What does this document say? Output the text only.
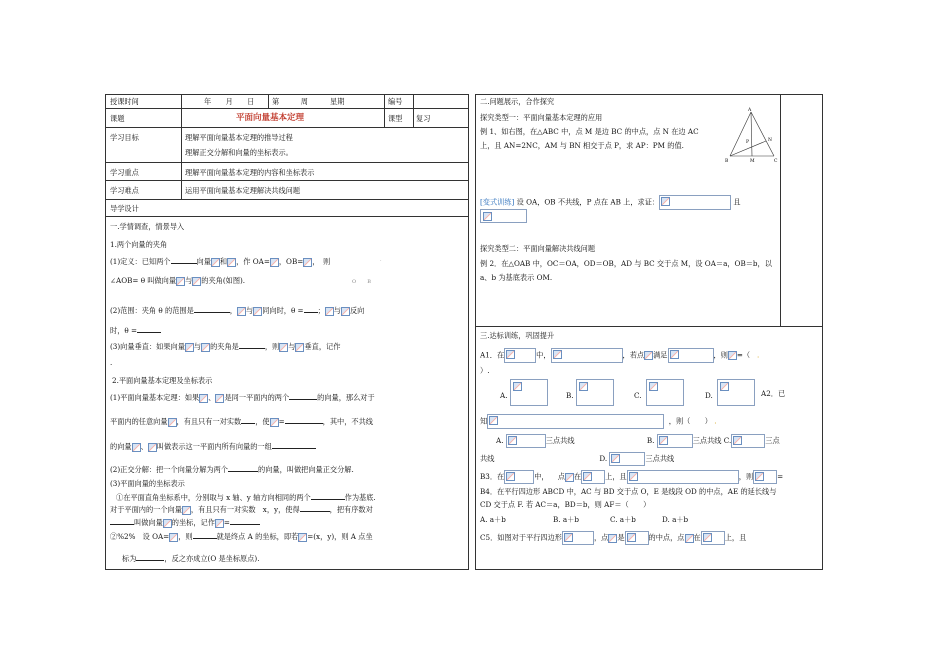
授课时间	年　　月　　日 第　　　周	星期	编号
课题	平面向量基本定理	课型 复习
学习目标	理解平面向量基本定理的推导过程
理解正交分解和向量的坐标表示。
学习重点	理解平面向量基本定理的内容和坐标表示
学习难点	运用平面向量基本定理解决共线问题
导学设计
一.学情调查，情景导入
1.两个向量的夹角
(1)定义：已知两个	向量 和 ，作 OA= ，OB= ，　则	·
∠AOB= θ 叫做向量 与 的夹角(如图).	O       B
(2)范围：夹角 θ 的范围是	， 与 同向时，θ = ； 与 反向
时，θ =
(3)向量垂直：如果向量 与 的夹角是	，则 与 垂直，记作
.
2.平面向量基本定理及坐标表示
(1)平面向量基本定理：如果 、 是同一平面内的两个	的向量，那么对于
平面内的任意向量 ，有且只有一对实数 ，使 =	，其中，不共线
的向量 、 叫做表示这一平面内所有向量的一组
(2)正交分解：把一个向量分解为两个	的向量，叫做把向量正交分解.
(3)平面向量的坐标表示
①在平面直角坐标系中，分别取与 x 轴、y 轴方向相同的两个	作为基底.
对于平面内的一个向量 ，有且只有一对实数　x，y，使得	，把有序数对
叫做向量 的坐标，记作 =
②%2%　设 OA= ，则	就是终点 A 的坐标，即若 =(x，y)，则 A 点坐
标为	，反之亦成立(O 是坐标原点).
二.问题展示，合作探究
探究类型一：平面向量基本定理的应用
例 1、如右图，在△ABC 中，点 M 是边 BC 的中点，点 N 在边 AC
上，且 AN=2NC，AM 与 BN 相交于点 P，求 AP：PM 的值.
A
N
P
B	M	C
[变式训练] 设 OA，OB 不共线，P 点在 AB 上，求证：	且
探究类型二：平面向量解决共线问题
例 2．在△OAB 中，OC＝OA，OD＝OB，AD 与 BC 交于点 M，设 OA＝a，OB＝b，以
a、b 为基底表示 OM.
三.达标训练，巩固提升
A1．在	中，	，若点 满足	，则 =（ .
）.
A.	B.	C.	D.	A2．已
知	，则（　　） .
A.	三点共线	B.	三点共线 C.	三点
共线	D.	三点共线
B3．在	中， 点 在	上，且	，则	=
B4．在平行四边形 ABCD 中，AC 与 BD 交于点 O，E 是线段 OD 的中点，AE 的延长线与
CD 交于点 F. 若 AC＝a，BD＝b，则 AF＝（　　）
A. a＋b	B. a＋b	C. a＋b	D. a＋b
C5．如图对于平行四边形	，点 是	的中点，点 在	上，且
